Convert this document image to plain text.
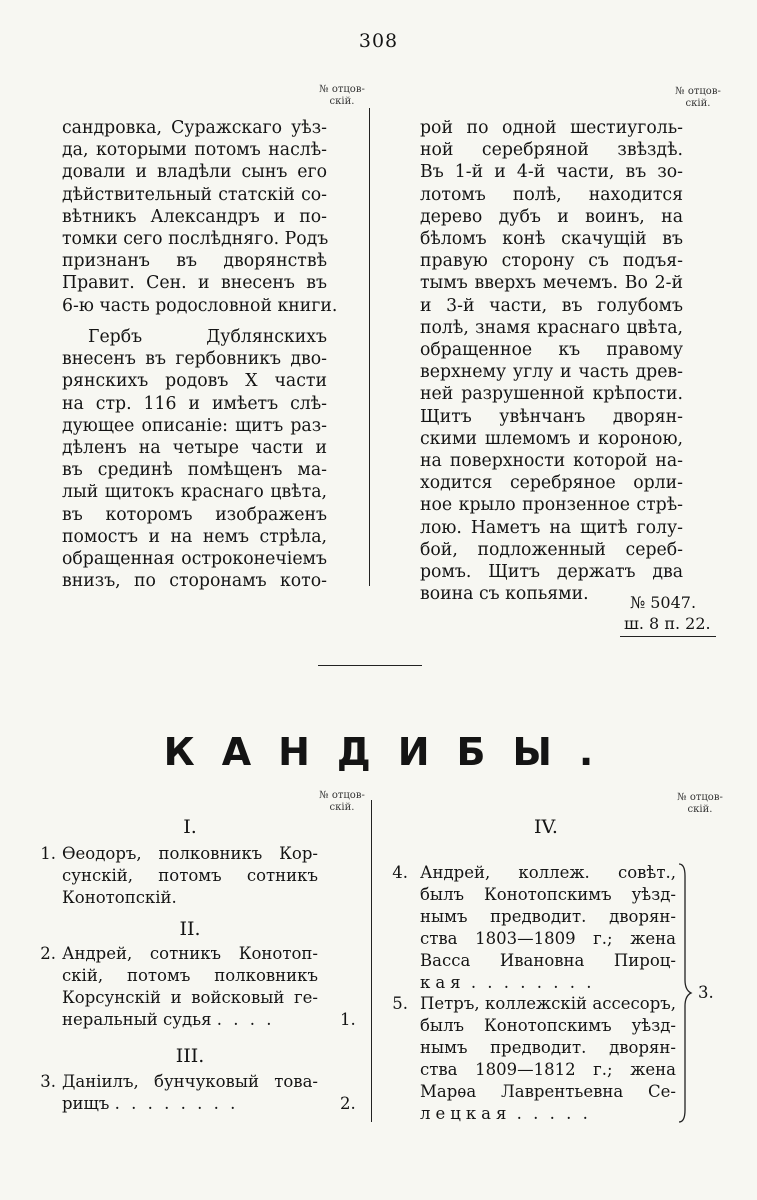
308
№ отцов-
скій.
№ отцов-
скій.
сандровка, Суражскаго уѣз-
да, которыми потомъ наслѣ-
довали и владѣли сынъ его
дѣйствительный статскій со-
вѣтникъ Александръ и по-
томки сего послѣдняго. Родъ
признанъ въ дворянствѣ
Правит. Сен. и внесенъ въ
6-ю часть родословной книги.
Гербъ Дублянскихъ
внесенъ въ гербовникъ дво-
рянскихъ родовъ X части
на стр. 116 и имѣетъ слѣ-
дующее описаніе: щитъ раз-
дѣленъ на четыре части и
въ срединѣ помѣщенъ ма-
лый щитокъ краснаго цвѣта,
въ которомъ изображенъ
помостъ и на немъ стрѣла,
обращенная остроконечіемъ
внизъ, по сторонамъ кото-
рой по одной шестиуголь-
ной серебряной звѣздѣ.
Въ 1-й и 4-й части, въ зо-
лотомъ полѣ, находится
дерево дубъ и воинъ, на
бѣломъ конѣ скачущій въ
правую сторону съ подъя-
тымъ вверхъ мечемъ. Во 2-й
и 3-й части, въ голубомъ
полѣ, знамя краснаго цвѣта,
обращенное къ правому
верхнему углу и часть древ-
ней разрушенной крѣпости.
Щитъ увѣнчанъ дворян-
скими шлемомъ и короною,
на поверхности которой на-
ходится серебряное орли-
ное крыло пронзенное стрѣ-
лою. Наметъ на щитѣ голу-
бой, подложенный сереб-
ромъ. Щитъ держатъ два
воина съ копьями.	№ 5047.
ш. 8 п. 22.
КАНДИБЫ.
№ отцов-
скій.
№ отцов-
скій.
I.
1. Ѳеодоръ, полковникъ Кор-
сунскій, потомъ сотникъ
Конотопскій.
II.
2. Андрей, сотникъ Конотоп-
скій, потомъ полковникъ
Корсунскій и войсковый ге-
неральный судья . . . .	1.
III.
3. Даніилъ, бунчуковый това-
рищъ . . . . . . . .	2.
IV.
4. Андрей, коллеж. совѣт.,
былъ Конотопскимъ уѣзд-
нымъ предводит. дворян-
ства 1803—1809 г.; жена
Васса Ивановна Пироц-
кая . . . . . . . .
5. Петръ, коллежскій ассесоръ,
былъ Конотопскимъ уѣзд-
нымъ предводит. дворян-
ства 1809—1812 г.; жена
Марѳа Лаврентьевна Се-
лецкая . . . . .
3.
